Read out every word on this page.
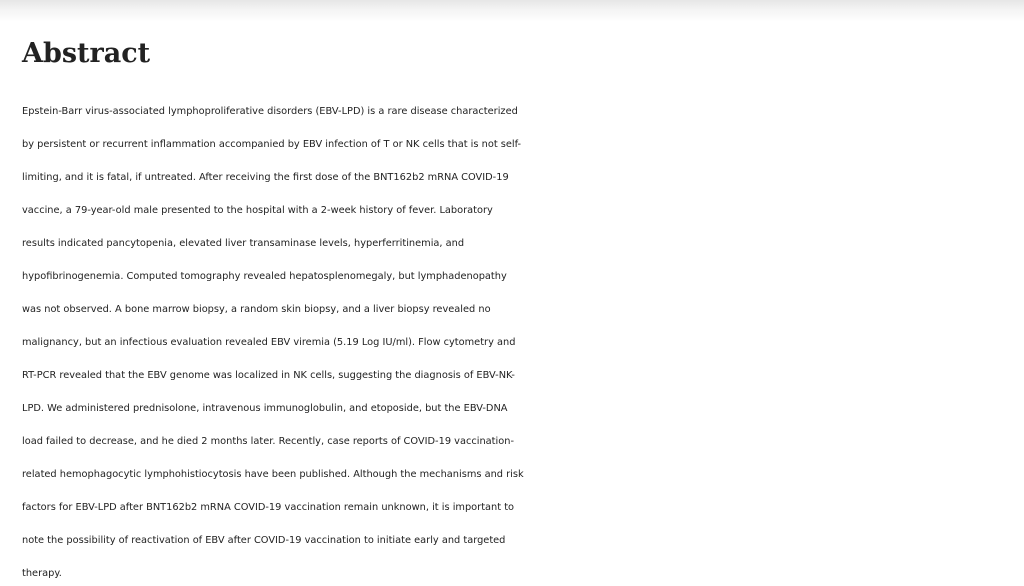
Abstract

Epstein-Barr virus-associated lymphoproliferative disorders (EBV-LPD) is a rare disease characterized
by persistent or recurrent inflammation accompanied by EBV infection of T or NK cells that is not self-
limiting, and it is fatal, if untreated. After receiving the first dose of the BNT162b2 mRNA COVID-19
vaccine, a 79-year-old male presented to the hospital with a 2-week history of fever. Laboratory
results indicated pancytopenia, elevated liver transaminase levels, hyperferritinemia, and
hypofibrinogenemia. Computed tomography revealed hepatosplenomegaly, but lymphadenopathy
was not observed. A bone marrow biopsy, a random skin biopsy, and a liver biopsy revealed no
malignancy, but an infectious evaluation revealed EBV viremia (5.19 Log IU/ml). Flow cytometry and
RT-PCR revealed that the EBV genome was localized in NK cells, suggesting the diagnosis of EBV-NK-
LPD. We administered prednisolone, intravenous immunoglobulin, and etoposide, but the EBV-DNA
load failed to decrease, and he died 2 months later. Recently, case reports of COVID-19 vaccination-
related hemophagocytic lymphohistiocytosis have been published. Although the mechanisms and risk
factors for EBV-LPD after BNT162b2 mRNA COVID-19 vaccination remain unknown, it is important to
note the possibility of reactivation of EBV after COVID-19 vaccination to initiate early and targeted
therapy.
